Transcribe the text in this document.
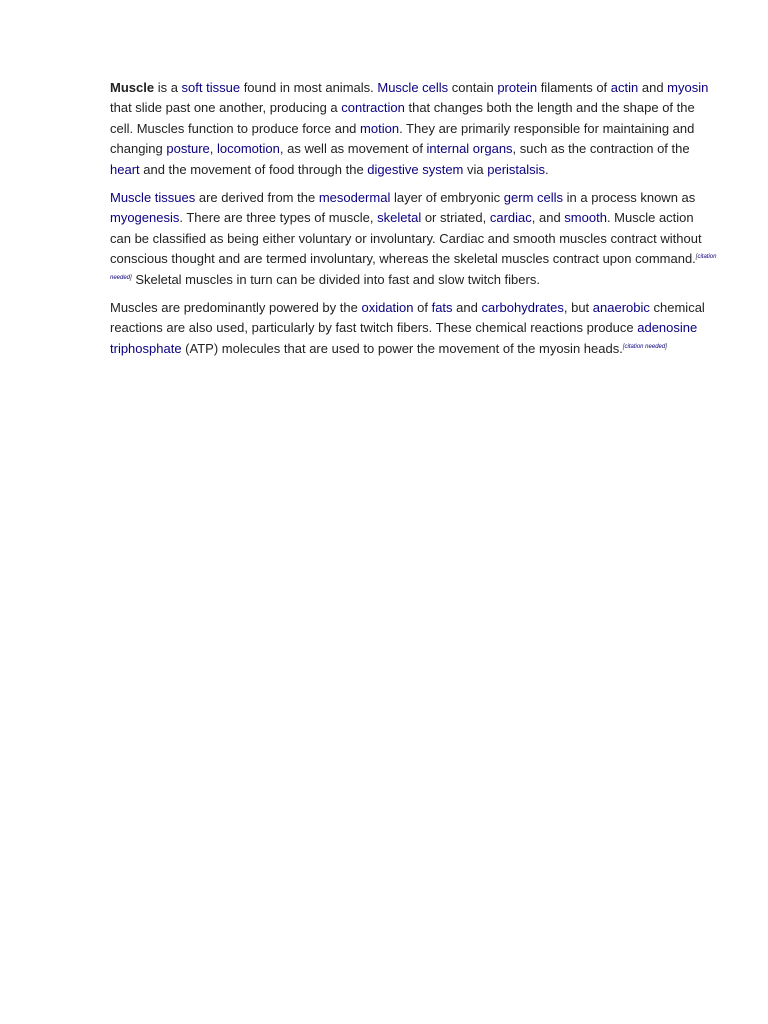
Muscle is a soft tissue found in most animals. Muscle cells contain protein filaments of actin and myosin that slide past one another, producing a contraction that changes both the length and the shape of the cell. Muscles function to produce force and motion. They are primarily responsible for maintaining and changing posture, locomotion, as well as movement of internal organs, such as the contraction of the heart and the movement of food through the digestive system via peristalsis.

Muscle tissues are derived from the mesodermal layer of embryonic germ cells in a process known as myogenesis. There are three types of muscle, skeletal or striated, cardiac, and smooth. Muscle action can be classified as being either voluntary or involuntary. Cardiac and smooth muscles contract without conscious thought and are termed involuntary, whereas the skeletal muscles contract upon command.[citation needed] Skeletal muscles in turn can be divided into fast and slow twitch fibers.

Muscles are predominantly powered by the oxidation of fats and carbohydrates, but anaerobic chemical reactions are also used, particularly by fast twitch fibers. These chemical reactions produce adenosine triphosphate (ATP) molecules that are used to power the movement of the myosin heads.[citation needed]
